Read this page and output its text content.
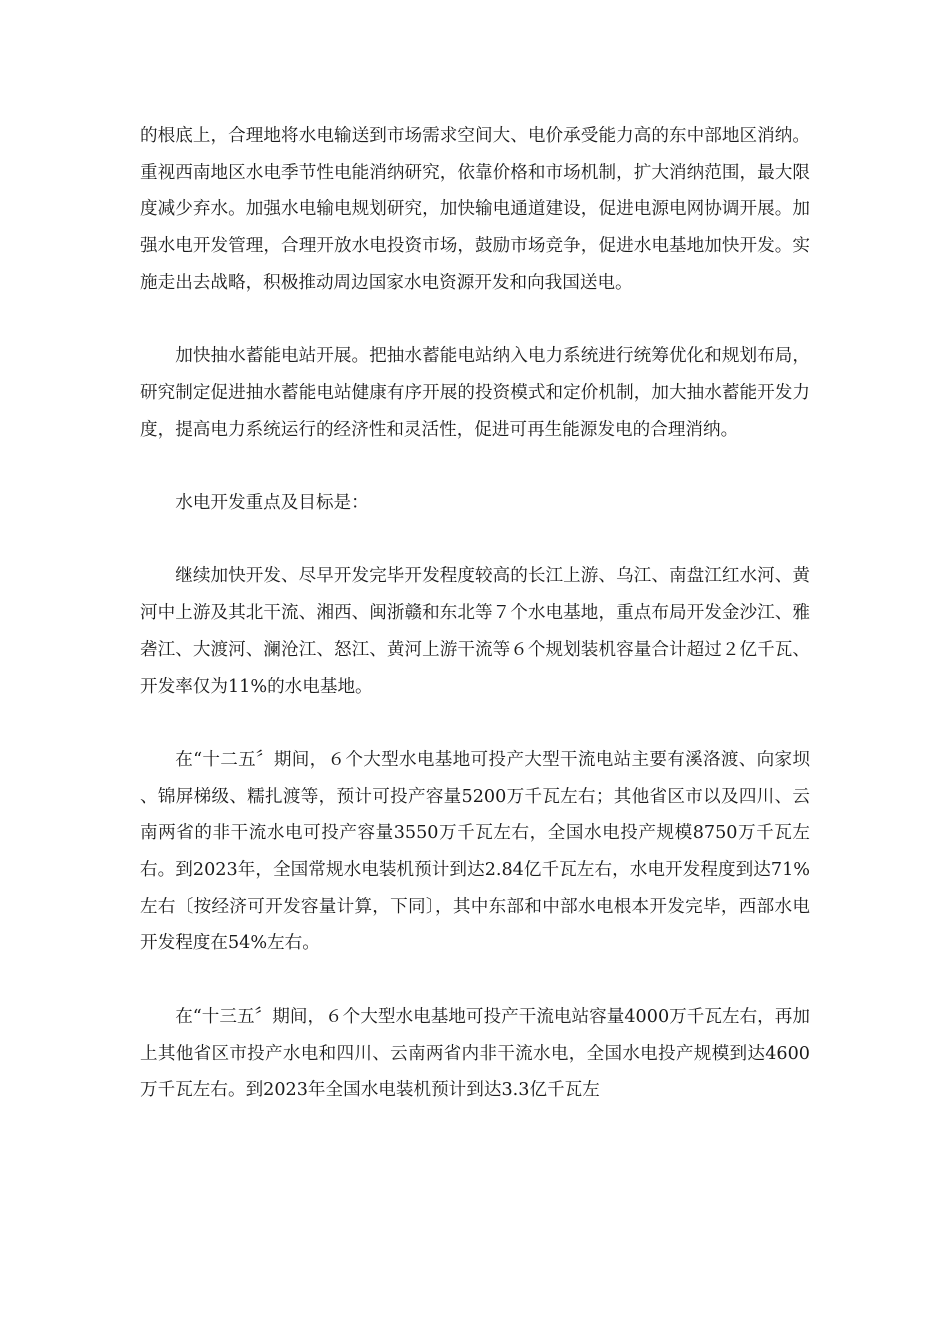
的根底上，合理地将水电输送到市场需求空间大、电价承受能力高的东中部地区消纳。重视西南地区水电季节性电能消纳研究，依靠价格和市场机制，扩大消纳范围，最大限度减少弃水。加强水电输电规划研究，加快输电通道建设，促进电源电网协调开展。加强水电开发管理，合理开放水电投资市场，鼓励市场竞争，促进水电基地加快开发。实施走出去战略，积极推动周边国家水电资源开发和向我国送电。

加快抽水蓄能电站开展。把抽水蓄能电站纳入电力系统进行统筹优化和规划布局，研究制定促进抽水蓄能电站健康有序开展的投资模式和定价机制，加大抽水蓄能开发力度，提高电力系统运行的经济性和灵活性，促进可再生能源发电的合理消纳。

水电开发重点及目标是：

继续加快开发、尽早开发完毕开发程度较高的长江上游、乌江、南盘江红水河、黄河中上游及其北干流、湘西、闽浙赣和东北等７个水电基地，重点布局开发金沙江、雅砻江、大渡河、澜沧江、怒江、黄河上游干流等６个规划装机容量合计超过２亿千瓦、开发率仅为11%的水电基地。

在“十二五〞期间，６个大型水电基地可投产大型干流电站主要有溪洛渡、向家坝、锦屏梯级、糯扎渡等，预计可投产容量5200万千瓦左右；其他省区市以及四川、云南两省的非干流水电可投产容量3550万千瓦左右，全国水电投产规模8750万千瓦左右。到2023年，全国常规水电装机预计到达2.84亿千瓦左右，水电开发程度到达71%左右〔按经济可开发容量计算，下同〕，其中东部和中部水电根本开发完毕，西部水电开发程度在54%左右。

在“十三五〞期间，６个大型水电基地可投产干流电站容量4000万千瓦左右，再加上其他省区市投产水电和四川、云南两省内非干流水电，全国水电投产规模到达4600万千瓦左右。到2023年全国水电装机预计到达3.3亿千瓦左
